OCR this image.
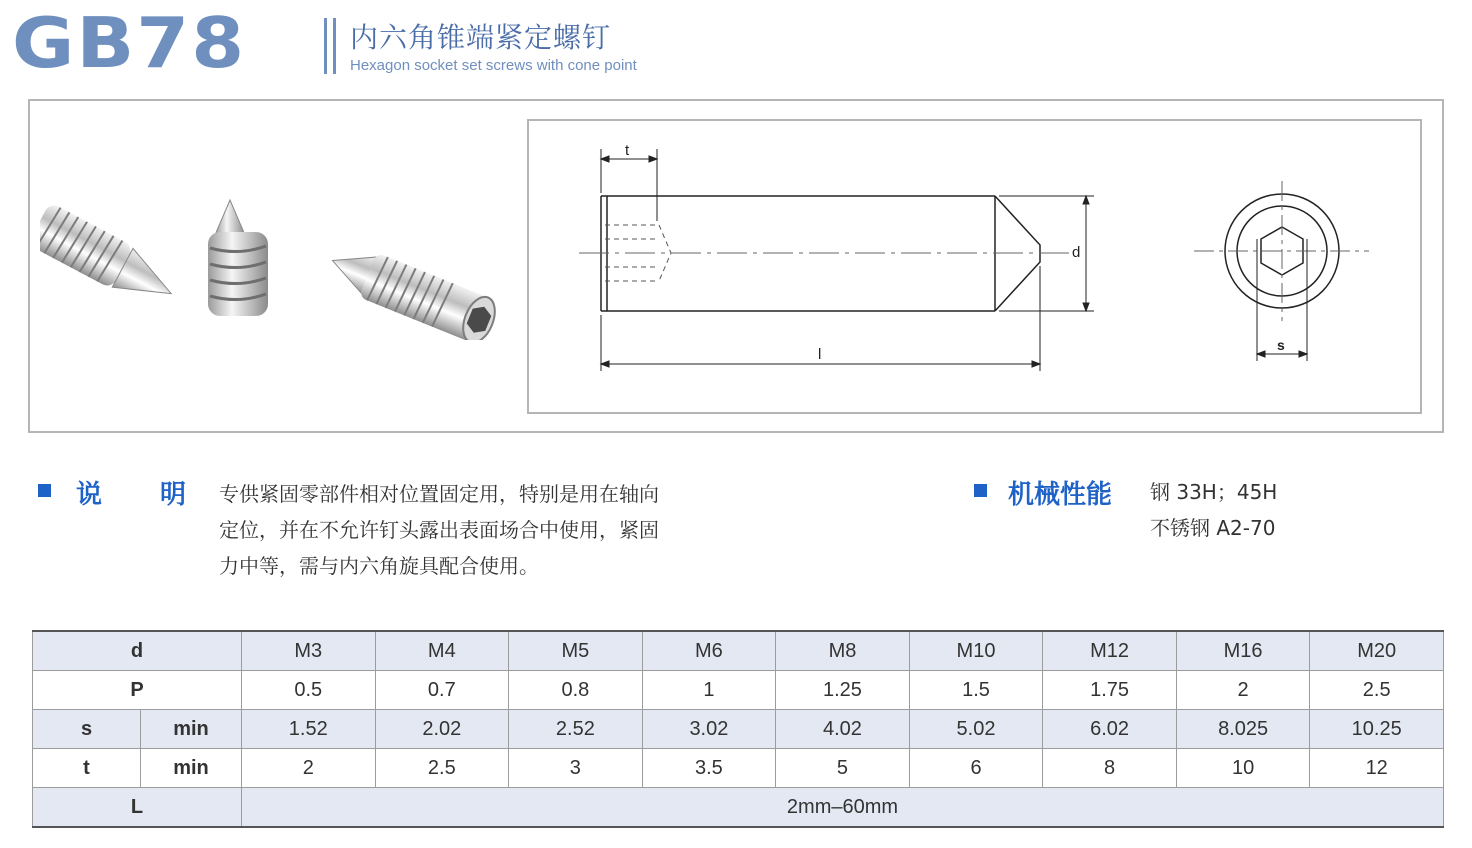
GB78	内六角锥端紧定螺钉
Hexagon socket set screws with cone point
t
d
l
s
说 明 专供紧固零部件相对位置固定用，特别是用在轴向
定位，并在不允许钉头露出表面场合中使用，紧固
力中等，需与内六角旋具配合使用。
机械性能 钢 33H；45H
不锈钢 A2-70
d		M3	M4	M5	M6	M8	M10	M12	M16	M20
P		0.5	0.7	0.8	1	1.25	1.5	1.75	2	2.5
s	min	1.52	2.02	2.52	3.02	4.02	5.02	6.02	8.025	10.25
t	min	2	2.5	3	3.5	5	6	8	10	12
L		2mm–60mm								
